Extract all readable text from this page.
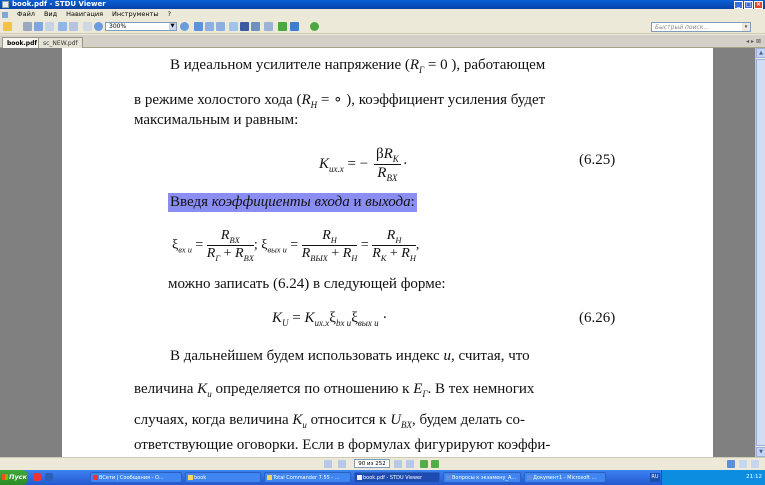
book.pdf - STDU Viewer	_ □ ×
Файл Вид Навигация Инструменты ?
300%	▼	Быстрый поиск...	▾
book.pdf sc_NEW.pdf	◂ ▸ ⊠
В идеальном усилителе напряжение ($R_Г = 0$ ), работающем
в режиме холостого хода ($R_H$ = ∘ ), коэффициент усиления будет
максимальным и равным:
$K_{ux.x}$ = −
$\beta R_K$
$R_{BX}$
·	(6.25)
Введя коэффициенты входа и выхода:
$\xi_{вх и}$ =
$R_{BX}$
$R_Г + R_{BX}$
; $\xi_{вых и}$ =
$R_H$
$R_{BЫX} + R_H$
= $\frac{R_H}{R_K + R_H}$ ,
можно записать (6.24) в следующей форме:
$K_U = K_{ux.x}\xi_{bx и}\xi_{вых и}$ ·	(6.26)
В дальнейшем будем использовать индекс и, считая, что
величина $K_и$ определяется по отношению к $E_Г$. В тех немногих
случаях, когда величина $K_и$ относится к $U_{BX}$, будем делать со-
ответствующие оговорки. Если в формулах фигурируют коэффи-
▲
▼
90 из 252
Пуск	ВСети | Сообщения - О...	book	Total Commander 7.55 - ...	book.pdf - STDU Viewer	Вопросы к экзамену_А...	Документ1 - Microsoft ...	RU	21:12
